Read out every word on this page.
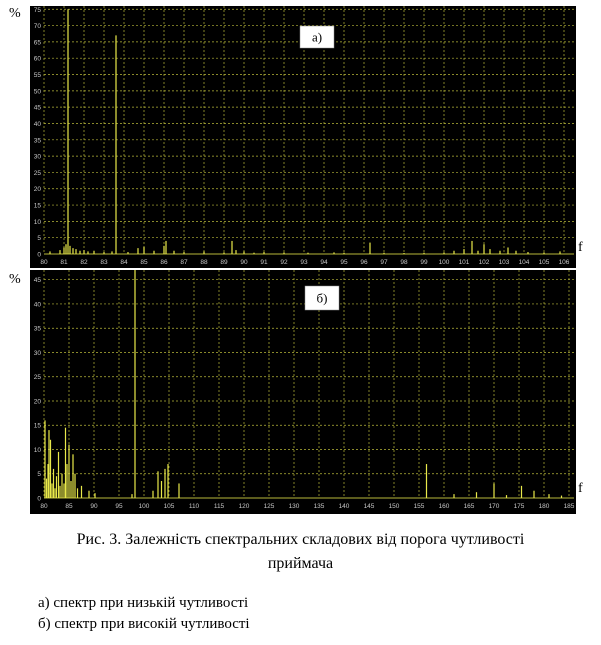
%
0
5
10
15
20
25
30
35
40
45
50
55
60
65
70
75
80 81 82 83 84 85 86 87 88 89 90 91 92 93 94 95 96 97 98 99 100 101 102 103 104 105 106
а)
f
%
0
5
10
15
20
25
30
35
40
45
80	85	90	95 100 105 110 115 120 125 130 135 140 145 150 155 160 165 170 175 180 185
б)
f
Рис. 3. Залежність спектральних складових від порога чутливості
приймача
а) спектр при низькій чутливості
б) спектр при високій чутливості
